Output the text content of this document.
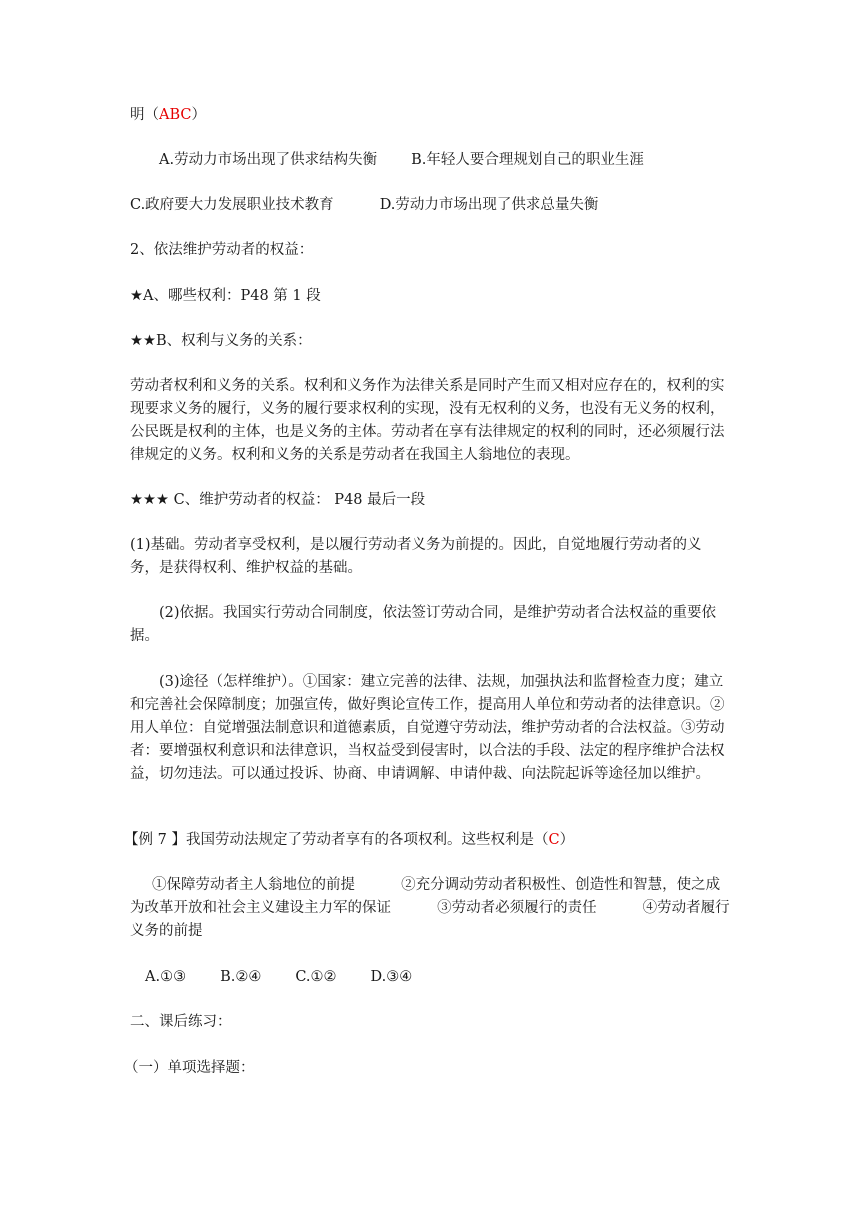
明（ABC）

A.劳动力市场出现了供求结构失衡 B.年轻人要合理规划自己的职业生涯

C.政府要大力发展职业技术教育	D.劳动力市场出现了供求总量失衡

2、依法维护劳动者的权益：

★A、哪些权利：P48 第 1 段

★★B、权利与义务的关系：

劳动者权利和义务的关系。权利和义务作为法律关系是同时产生而又相对应存在的，权利的实现要求义务的履行，义务的履行要求权利的实现，没有无权利的义务，也没有无义务的权利，公民既是权利的主体，也是义务的主体。劳动者在享有法律规定的权利的同时，还必须履行法律规定的义务。权利和义务的关系是劳动者在我国主人翁地位的表现。

★★★ C、维护劳动者的权益： P48 最后一段

(1)基础。劳动者享受权利，是以履行劳动者义务为前提的。因此，自觉地履行劳动者的义务，是获得权利、维护权益的基础。

(2)依据。我国实行劳动合同制度，依法签订劳动合同，是维护劳动者合法权益的重要依据。

(3)途径（怎样维护）。①国家：建立完善的法律、法规，加强执法和监督检查力度；建立和完善社会保障制度；加强宣传，做好舆论宣传工作，提高用人单位和劳动者的法律意识。②用人单位：自觉增强法制意识和道德素质，自觉遵守劳动法，维护劳动者的合法权益。③劳动者：要增强权利意识和法律意识，当权益受到侵害时，以合法的手段、法定的程序维护合法权益，切勿违法。可以通过投诉、协商、申请调解、申请仲裁、向法院起诉等途径加以维护。

【例 7 】我国劳动法规定了劳动者享有的各项权利。这些权利是（C）

①保障劳动者主人翁地位的前提          ②充分调动劳动者积极性、创造性和智慧，使之成为改革开放和社会主义建设主力军的保证          ③劳动者必须履行的责任          ④劳动者履行义务的前提

A.①③ B.②④ C.①② D.③④

二、课后练习：

（一）单项选择题：
